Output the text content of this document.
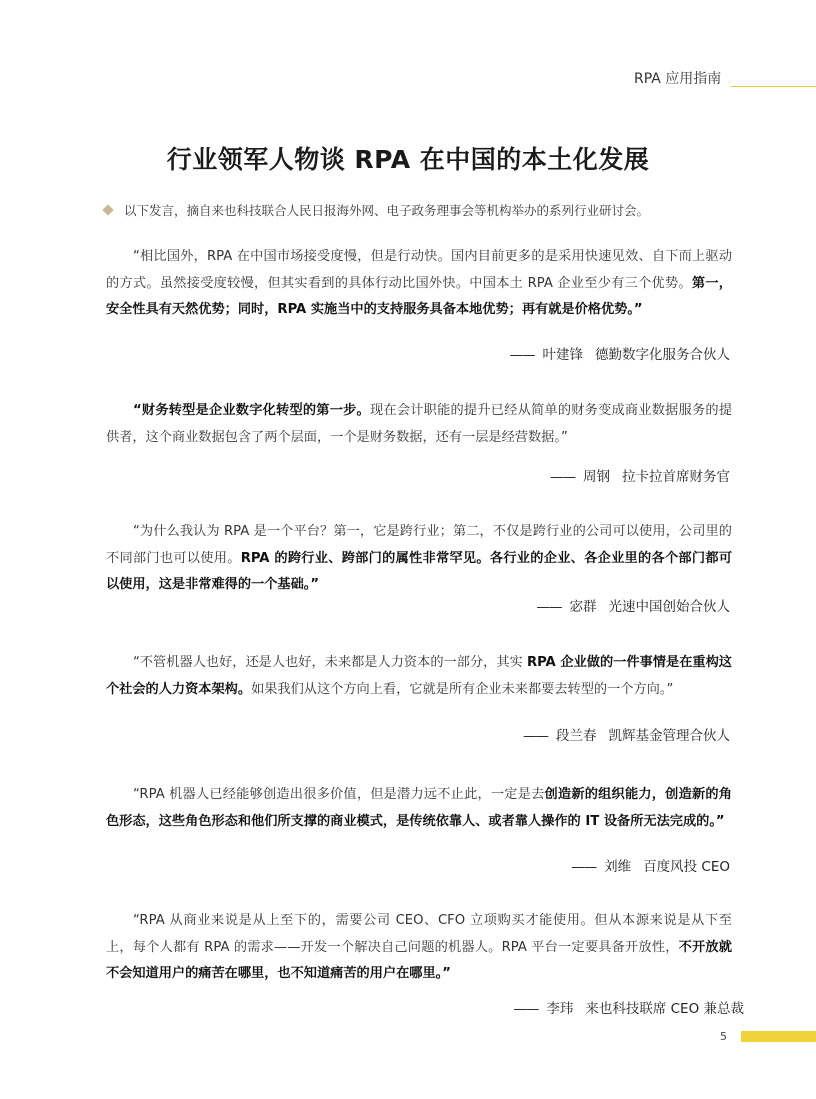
RPA 应用指南
行业领军人物谈 RPA 在中国的本土化发展
以下发言，摘自来也科技联合人民日报海外网、电子政务理事会等机构举办的系列行业研讨会。

“相比国外，RPA 在中国市场接受度慢，但是行动快。国内目前更多的是采用快速见效、自下而上驱动的方式。虽然接受度较慢，但其实看到的具体行动比国外快。中国本土 RPA 企业至少有三个优势。第一，安全性具有天然优势；同时，RPA 实施当中的支持服务具备本地优势；再有就是价格优势。”

—— 叶建锋 德勤数字化服务合伙人

“财务转型是企业数字化转型的第一步。现在会计职能的提升已经从简单的财务变成商业数据服务的提供者，这个商业数据包含了两个层面，一个是财务数据，还有一层是经营数据。”

—— 周钢 拉卡拉首席财务官

“为什么我认为 RPA 是一个平台？第一，它是跨行业；第二，不仅是跨行业的公司可以使用，公司里的不同部门也可以使用。RPA 的跨行业、跨部门的属性非常罕见。各行业的企业、各企业里的各个部门都可以使用，这是非常难得的一个基础。”

—— 宓群 光速中国创始合伙人

“不管机器人也好，还是人也好，未来都是人力资本的一部分，其实 RPA 企业做的一件事情是在重构这个社会的人力资本架构。如果我们从这个方向上看，它就是所有企业未来都要去转型的一个方向。”

—— 段兰春 凯辉基金管理合伙人

“RPA 机器人已经能够创造出很多价值，但是潜力远不止此，一定是去创造新的组织能力，创造新的角色形态，这些角色形态和他们所支撑的商业模式，是传统依靠人、或者靠人操作的 IT 设备所无法完成的。”

—— 刘维 百度风投 CEO

“RPA 从商业来说是从上至下的，需要公司 CEO、CFO 立项购买才能使用。但从本源来说是从下至上，每个人都有 RPA 的需求——开发一个解决自己问题的机器人。RPA 平台一定要具备开放性，不开放就不会知道用户的痛苦在哪里，也不知道痛苦的用户在哪里。”

—— 李玮 来也科技联席 CEO 兼总裁
5
